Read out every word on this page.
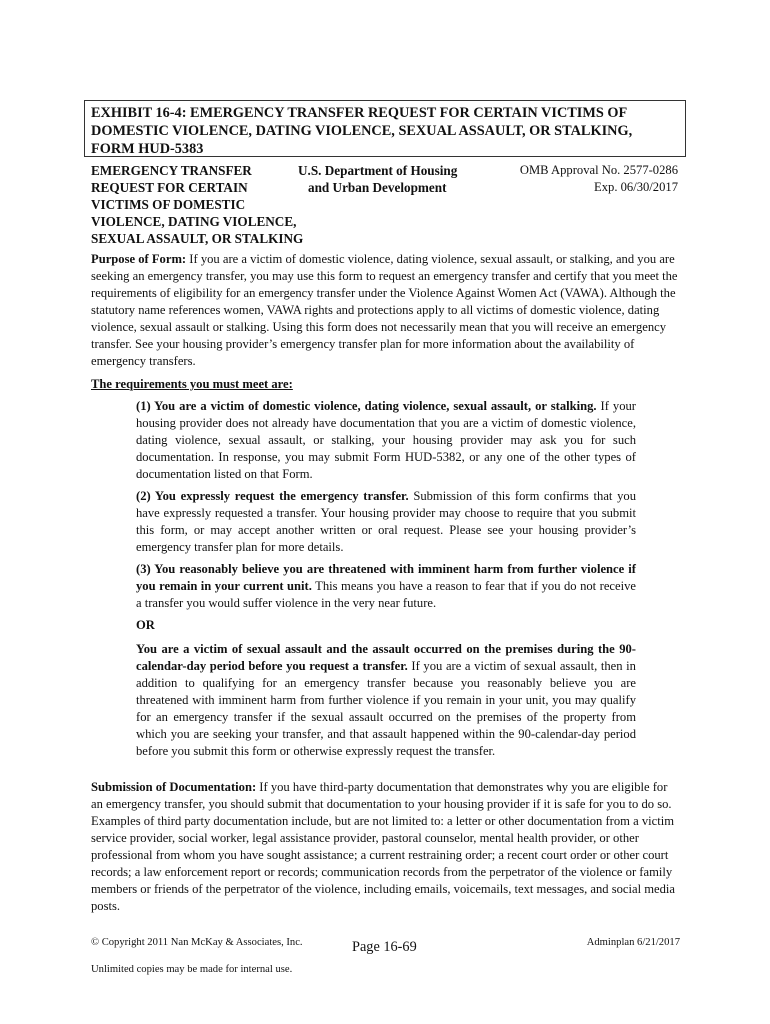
EXHIBIT 16-4: EMERGENCY TRANSFER REQUEST FOR CERTAIN VICTIMS OF
DOMESTIC VIOLENCE, DATING VIOLENCE, SEXUAL ASSAULT, OR STALKING,
FORM HUD-5383
EMERGENCY TRANSFER
REQUEST FOR CERTAIN
VICTIMS OF DOMESTIC
VIOLENCE, DATING VIOLENCE,
SEXUAL ASSAULT, OR STALKING
U.S. Department of Housing
and Urban Development
OMB Approval No. 2577-0286
Exp. 06/30/2017
Purpose of Form: If you are a victim of domestic violence, dating violence, sexual assault, or stalking, and you are seeking an emergency transfer, you may use this form to request an emergency transfer and certify that you meet the requirements of eligibility for an emergency transfer under the Violence Against Women Act (VAWA). Although the statutory name references women, VAWA rights and protections apply to all victims of domestic violence, dating violence, sexual assault or stalking. Using this form does not necessarily mean that you will receive an emergency transfer. See your housing provider’s emergency transfer plan for more information about the availability of emergency transfers.
The requirements you must meet are:
(1) You are a victim of domestic violence, dating violence, sexual assault, or stalking. If your housing provider does not already have documentation that you are a victim of domestic violence, dating violence, sexual assault, or stalking, your housing provider may ask you for such documentation. In response, you may submit Form HUD-5382, or any one of the other types of documentation listed on that Form.
(2) You expressly request the emergency transfer. Submission of this form confirms that you have expressly requested a transfer. Your housing provider may choose to require that you submit this form, or may accept another written or oral request. Please see your housing provider’s emergency transfer plan for more details.
(3) You reasonably believe you are threatened with imminent harm from further violence if you remain in your current unit. This means you have a reason to fear that if you do not receive a transfer you would suffer violence in the very near future.
OR
You are a victim of sexual assault and the assault occurred on the premises during the 90-calendar-day period before you request a transfer. If you are a victim of sexual assault, then in addition to qualifying for an emergency transfer because you reasonably believe you are threatened with imminent harm from further violence if you remain in your unit, you may qualify for an emergency transfer if the sexual assault occurred on the premises of the property from which you are seeking your transfer, and that assault happened within the 90-calendar-day period before you submit this form or otherwise expressly request the transfer.
Submission of Documentation: If you have third-party documentation that demonstrates why you are eligible for an emergency transfer, you should submit that documentation to your housing provider if it is safe for you to do so. Examples of third party documentation include, but are not limited to: a letter or other documentation from a victim service provider, social worker, legal assistance provider, pastoral counselor, mental health provider, or other professional from whom you have sought assistance; a current restraining order; a recent court order or other court records; a law enforcement report or records; communication records from the perpetrator of the violence or family members or friends of the perpetrator of the violence, including emails, voicemails, text messages, and social media posts.
© Copyright 2011 Nan McKay & Associates, Inc.	Page 16-69	Adminplan 6/21/2017
Unlimited copies may be made for internal use.
